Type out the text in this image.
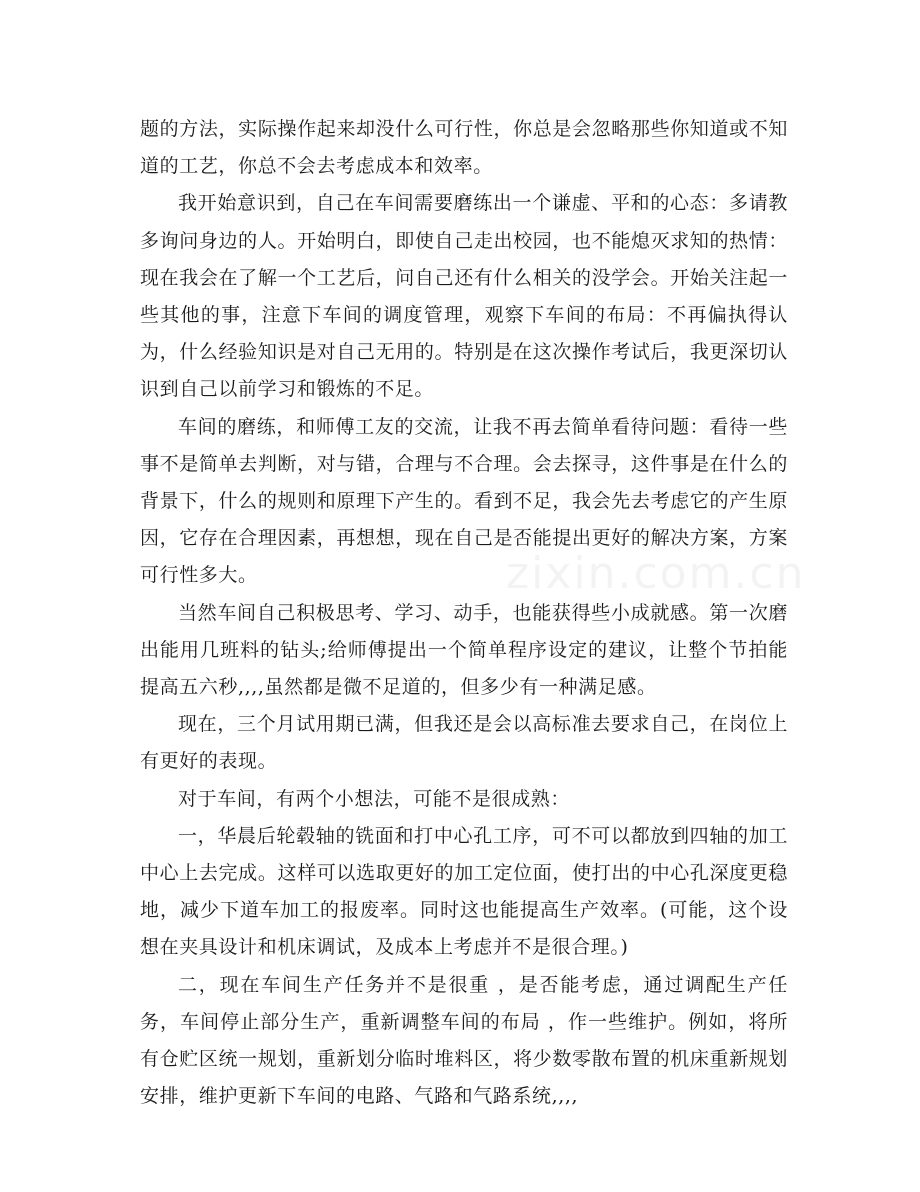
题的方法，实际操作起来却没什么可行性，你总是会忽略那些你知道或不知道的工艺，你总不会去考虑成本和效率。

我开始意识到，自己在车间需要磨练出一个谦虚、平和的心态：多请教多询问身边的人。开始明白，即使自己走出校园，也不能熄灭求知的热情：现在我会在了解一个工艺后，问自己还有什么相关的没学会。开始关注起一些其他的事，注意下车间的调度管理，观察下车间的布局：不再偏执得认为，什么经验知识是对自己无用的。特别是在这次操作考试后，我更深切认识到自己以前学习和锻炼的不足。

车间的磨练，和师傅工友的交流，让我不再去简单看待问题：看待一些事不是简单去判断，对与错，合理与不合理。会去探寻，这件事是在什么的背景下，什么的规则和原理下产生的。看到不足，我会先去考虑它的产生原因，它存在合理因素，再想想，现在自己是否能提出更好的解决方案，方案可行性多大。

当然车间自己积极思考、学习、动手，也能获得些小成就感。第一次磨出能用几班料的钻头;给师傅提出一个简单程序设定的建议，让整个节拍能提高五六秒,,,,虽然都是微不足道的，但多少有一种满足感。

现在，三个月试用期已满，但我还是会以高标准去要求自己，在岗位上有更好的表现。

对于车间，有两个小想法，可能不是很成熟：

一，华晨后轮毂轴的铣面和打中心孔工序，可不可以都放到四轴的加工中心上去完成。这样可以选取更好的加工定位面，使打出的中心孔深度更稳地，减少下道车加工的报废率。同时这也能提高生产效率。(可能，这个设想在夹具设计和机床调试，及成本上考虑并不是很合理。)

二，现在车间生产任务并不是很重 ，是否能考虑，通过调配生产任务，车间停止部分生产，重新调整车间的布局 ，作一些维护。例如，将所有仓贮区统一规划，重新划分临时堆料区，将少数零散布置的机床重新规划安排，维护更新下车间的电路、气路和气路系统,,,,

zixin.com.cn
